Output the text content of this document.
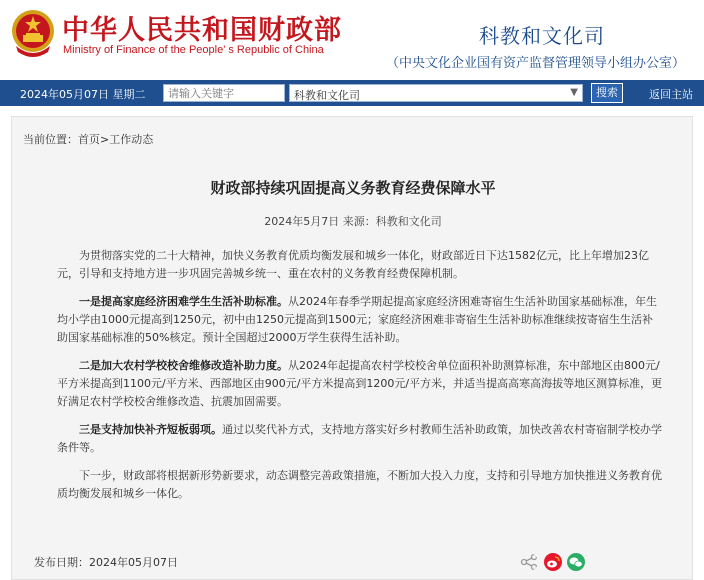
中华人民共和国财政部
Ministry of Finance of the People' s Republic of China
科教和文化司
（中央文化企业国有资产监督管理领导小组办公室）
2024年05月07日 星期二
请输入关键字	科教和文化司	▼	搜索	返回主站
当前位置：首页>工作动态
财政部持续巩固提高义务教育经费保障水平
2024年5月7日 来源：科教和文化司

为贯彻落实党的二十大精神，加快义务教育优质均衡发展和城乡一体化，财政部近日下达1582亿元，比上年增加23亿元，引导和支持地方进一步巩固完善城乡统一、重在农村的义务教育经费保障机制。

一是提高家庭经济困难学生生活补助标准。从2024年春季学期起提高家庭经济困难寄宿生生活补助国家基础标准，年生均小学由1000元提高到1250元，初中由1250元提高到1500元；家庭经济困难非寄宿生生活补助标准继续按寄宿生生活补助国家基础标准的50%核定。预计全国超过2000万学生获得生活补助。

二是加大农村学校校舍维修改造补助力度。从2024年起提高农村学校校舍单位面积补助测算标准，东中部地区由800元/平方米提高到1100元/平方米、西部地区由900元/平方米提高到1200元/平方米，并适当提高高寒高海拔等地区测算标准，更好满足农村学校校舍维修改造、抗震加固需要。

三是支持加快补齐短板弱项。通过以奖代补方式，支持地方落实好乡村教师生活补助政策，加快改善农村寄宿制学校办学条件等。

下一步，财政部将根据新形势新要求，动态调整完善政策措施，不断加大投入力度，支持和引导地方加快推进义务教育优质均衡发展和城乡一体化。

发布日期：2024年05月07日
